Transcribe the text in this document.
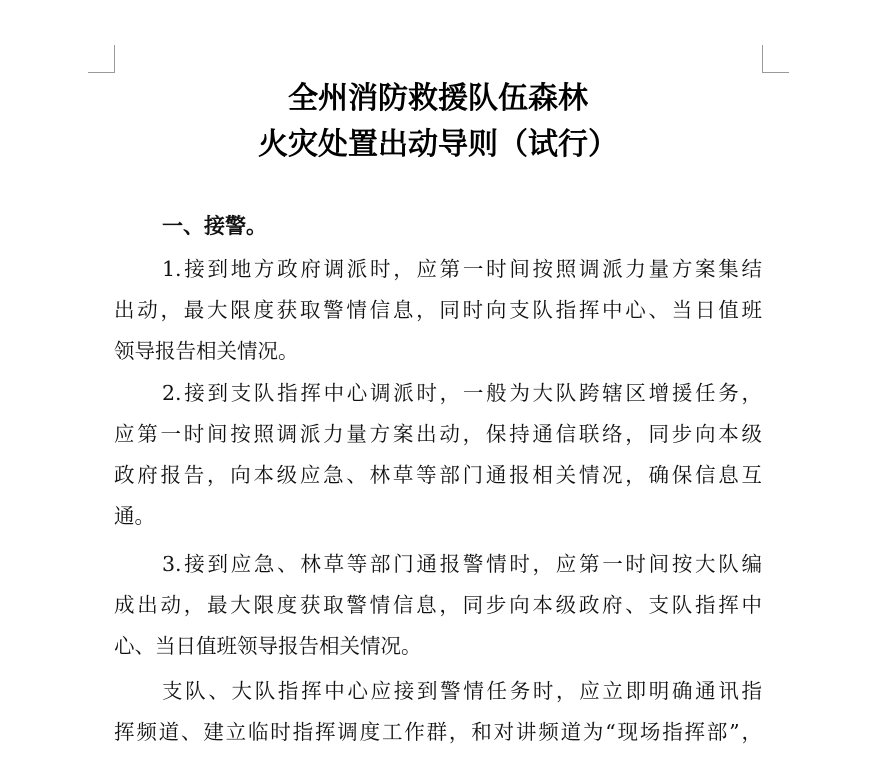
全州消防救援队伍森林
火灾处置出动导则（试行）
一、接警。
1.接到地方政府调派时，应第一时间按照调派力量方案集结
出动，最大限度获取警情信息，同时向支队指挥中心、当日值班
领导报告相关情况。
2.接到支队指挥中心调派时，一般为大队跨辖区增援任务，
应第一时间按照调派力量方案出动，保持通信联络，同步向本级
政府报告，向本级应急、林草等部门通报相关情况，确保信息互
通。
3.接到应急、林草等部门通报警情时，应第一时间按大队编
成出动，最大限度获取警情信息，同步向本级政府、支队指挥中
心、当日值班领导报告相关情况。
支队、大队指挥中心应接到警情任务时，应立即明确通讯指
挥频道、建立临时指挥调度工作群，和对讲频道为“现场指挥部”，
